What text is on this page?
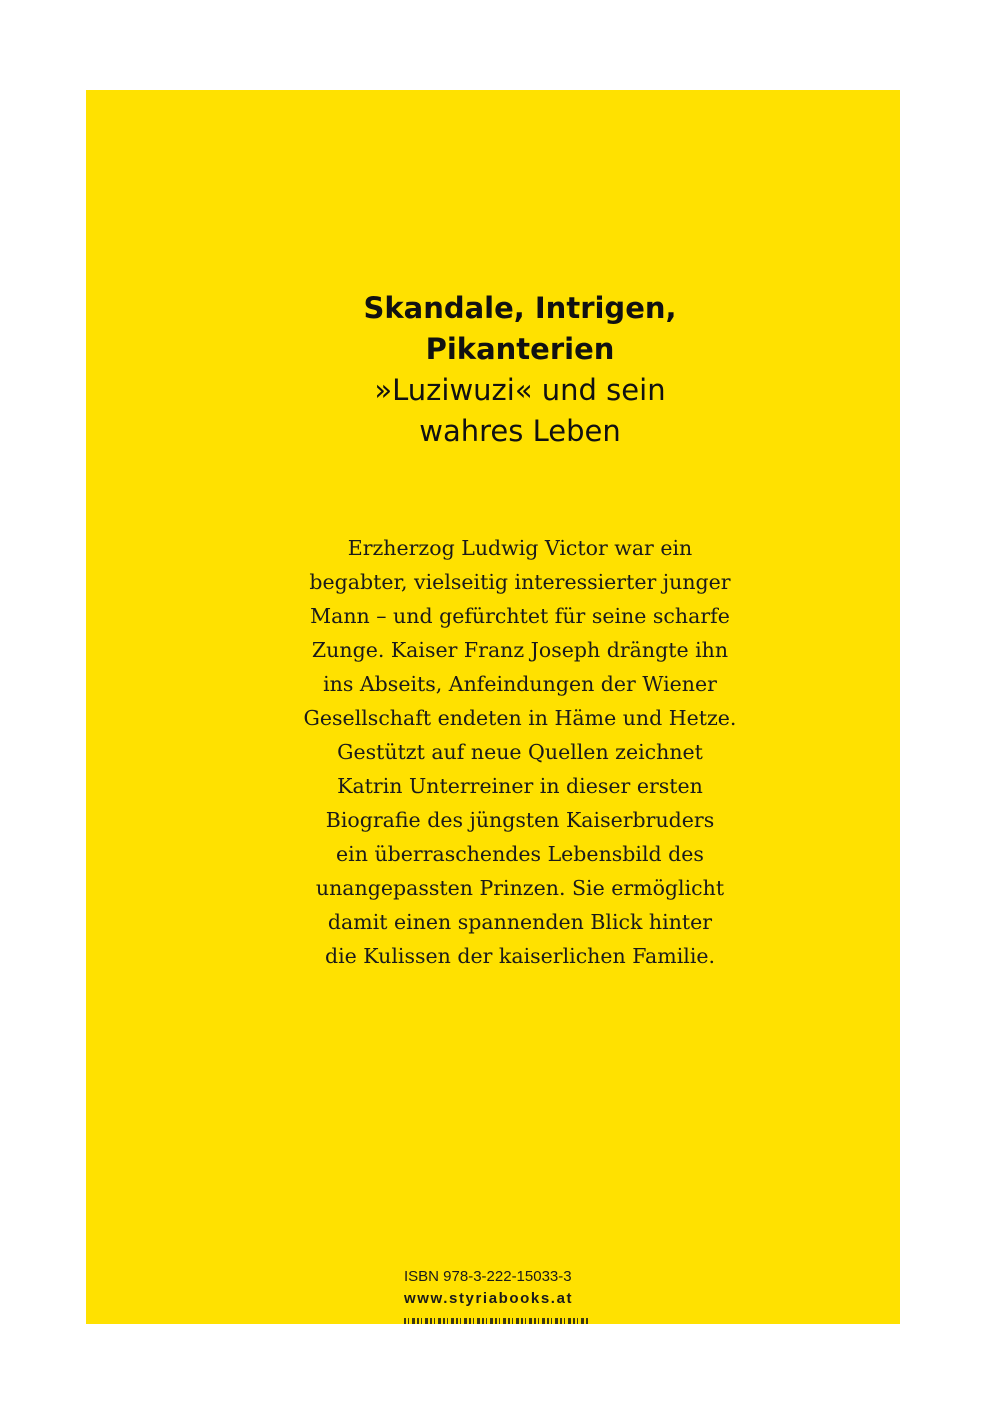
Skandale, Intrigen,
Pikanterien
»Luziwuzi« und sein
wahres Leben
Erzherzog Ludwig Victor war ein
begabter, vielseitig interessierter junger
Mann – und gefürchtet für seine scharfe
Zunge. Kaiser Franz Joseph drängte ihn
ins Abseits, Anfeindungen der Wiener
Gesellschaft endeten in Häme und Hetze.
Gestützt auf neue Quellen zeichnet
Katrin Unterreiner in dieser ersten
Biografie des jüngsten Kaiserbruders
ein überraschendes Lebensbild des
unangepassten Prinzen. Sie ermöglicht
damit einen spannenden Blick hinter
die Kulissen der kaiserlichen Familie.
ISBN 978-3-222-15033-3
www.styriabooks.at
